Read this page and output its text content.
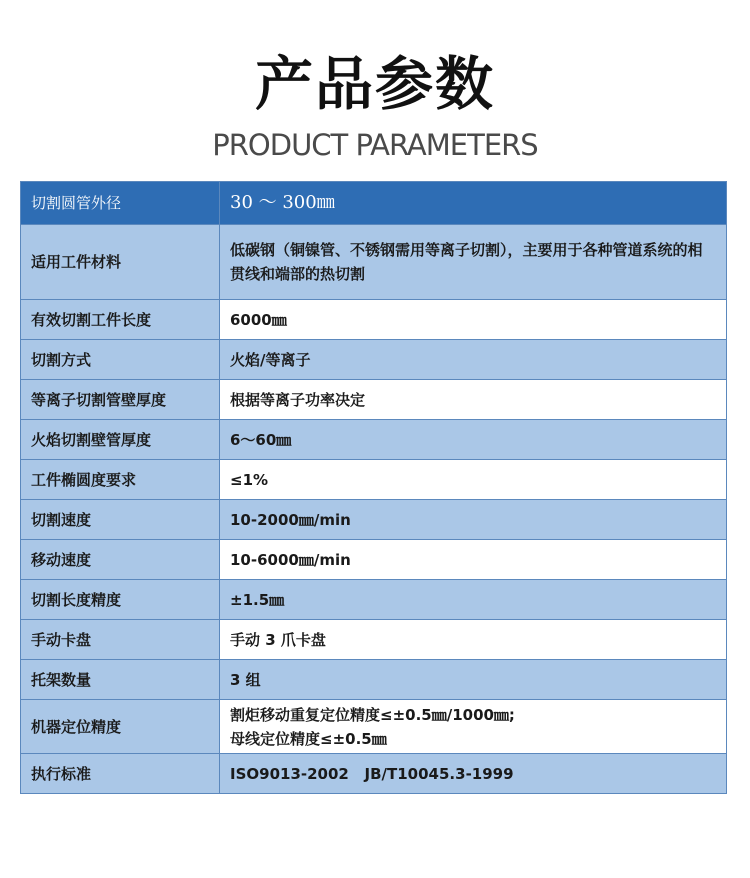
产品参数
PRODUCT PARAMETERS
切割圆管外径	30 ～ 300㎜
适用工件材料	低碳钢（铜镍管、不锈钢需用等离子切割），主要用于各种管道系统的相贯线和端部的热切割
有效切割工件长度	6000㎜
切割方式	火焰/等离子
等离子切割管壁厚度	根据等离子功率决定
火焰切割壁管厚度	6～60㎜
工件椭圆度要求	≤1%
切割速度	10-2000㎜/min
移动速度	10-6000㎜/min
切割长度精度	±1.5㎜
手动卡盘	手动 3 爪卡盘
托架数量	3 组
机器定位精度	割炬移动重复定位精度≤±0.5㎜/1000㎜;
母线定位精度≤±0.5㎜

执行标准	ISO9013-2002   JB/T10045.3-1999
